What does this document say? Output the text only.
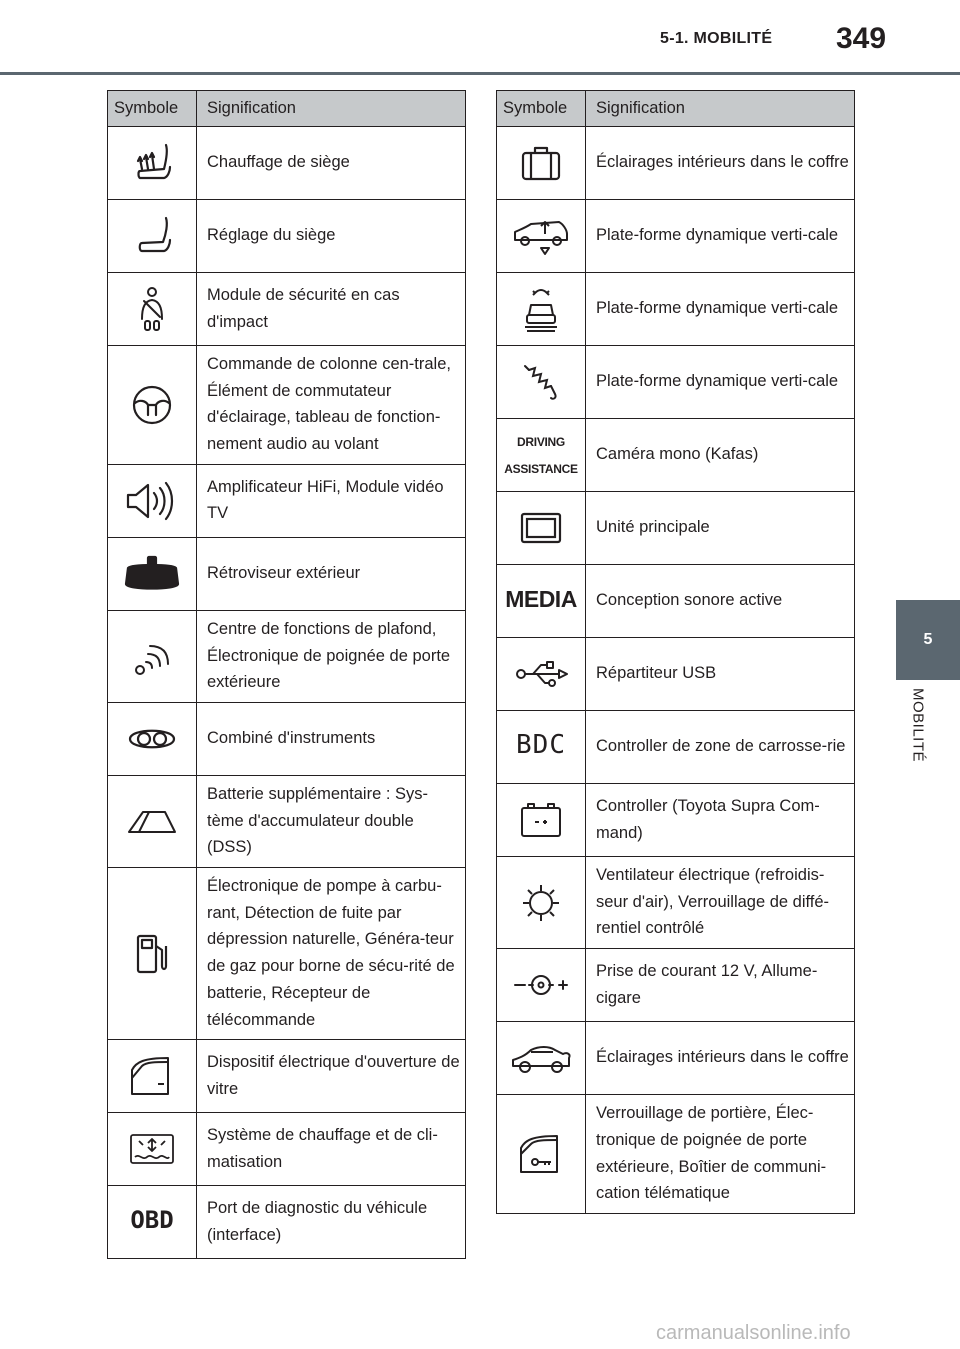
5-1. MOBILITÉ 349
5
MOBILITÉ
Symbole	Signification

	Chauffage de siège

	Réglage du siège

	Module de sécurité en cas d'impact

	Commande de colonne cen-trale, Élément de commutateur d'éclairage, tableau de fonction-nement audio au volant

	Amplificateur HiFi, Module vidéo TV

	Rétroviseur extérieur

	Centre de fonctions de plafond, Électronique de poignée de porte extérieure

	Combiné d'instruments

	Batterie supplémentaire : Sys-tème d'accumulateur double (DSS)

	Électronique de pompe à carbu-rant, Détection de fuite par dépression naturelle, Généra-teur de gaz pour borne de sécu-rité de batterie, Récepteur de télécommande

	Dispositif électrique d'ouverture de vitre

	Système de chauffage et de cli-matisation
OBD	Port de diagnostic du véhicule (interface)
Symbole	Signification

	Éclairages intérieurs dans le coffre

	Plate-forme dynamique verti-cale

	Plate-forme dynamique verti-cale

	Plate-forme dynamique verti-cale
DRIVING
ASSISTANCE	Caméra mono (Kafas)

	Unité principale
MEDIA	Conception sonore active

	Répartiteur USB
BDC	Controller de zone de carrosse-rie

	Controller (Toyota Supra Com-mand)

	Ventilateur électrique (refroidis-seur d'air), Verrouillage de diffé-rentiel contrôlé

	Prise de courant 12 V, Allume-cigare

	Éclairages intérieurs dans le coffre

	Verrouillage de portière, Élec-tronique de poignée de porte extérieure, Boîtier de communi-cation télématique
carmanualsonline.info
